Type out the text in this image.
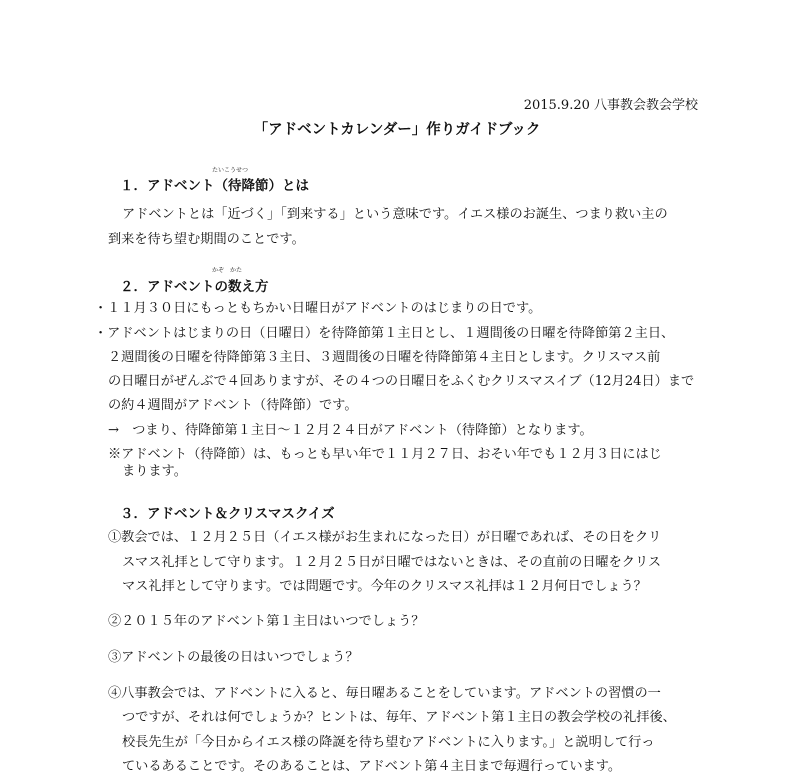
2015.9.20 八事教会教会学校
「アドベントカレンダー」作りガイドブック
たいこうせつ
１．アドベント（待降節）とは
アドベントとは「近づく」「到来する」という意味です。イエス様のお誕生、つまり救い主の
到来を待ち望む期間のことです。
かぞ　かた
２．アドベントの数え方
・１１月３０日にもっともちかい日曜日がアドベントのはじまりの日です。
・アドベントはじまりの日（日曜日）を待降節第１主日とし、１週間後の日曜を待降節第２主日、
２週間後の日曜を待降節第３主日、３週間後の日曜を待降節第４主日とします。クリスマス前
の日曜日がぜんぶで４回ありますが、その４つの日曜日をふくむクリスマスイブ（12月24日）まで
の約４週間がアドベント（待降節）です。
→　つまり、待降節第１主日～１２月２４日がアドベント（待降節）となります。
※アドベント（待降節）は、もっとも早い年で１１月２７日、おそい年でも１２月３日にはじ
まります。
３．アドベント＆クリスマスクイズ
①教会では、１２月２５日（イエス様がお生まれになった日）が日曜であれば、その日をクリ
スマス礼拝として守ります。１２月２５日が日曜ではないときは、その直前の日曜をクリス
マス礼拝として守ります。では問題です。今年のクリスマス礼拝は１２月何日でしょう？
②２０１５年のアドベント第１主日はいつでしょう？
③アドベントの最後の日はいつでしょう？
④八事教会では、アドベントに入ると、毎日曜あることをしています。アドベントの習慣の一
つですが、それは何でしょうか？ヒントは、毎年、アドベント第１主日の教会学校の礼拝後、
校長先生が「今日からイエス様の降誕を待ち望むアドベントに入ります。」と説明して行っ
ているあることです。そのあることは、アドベント第４主日まで毎週行っています。
